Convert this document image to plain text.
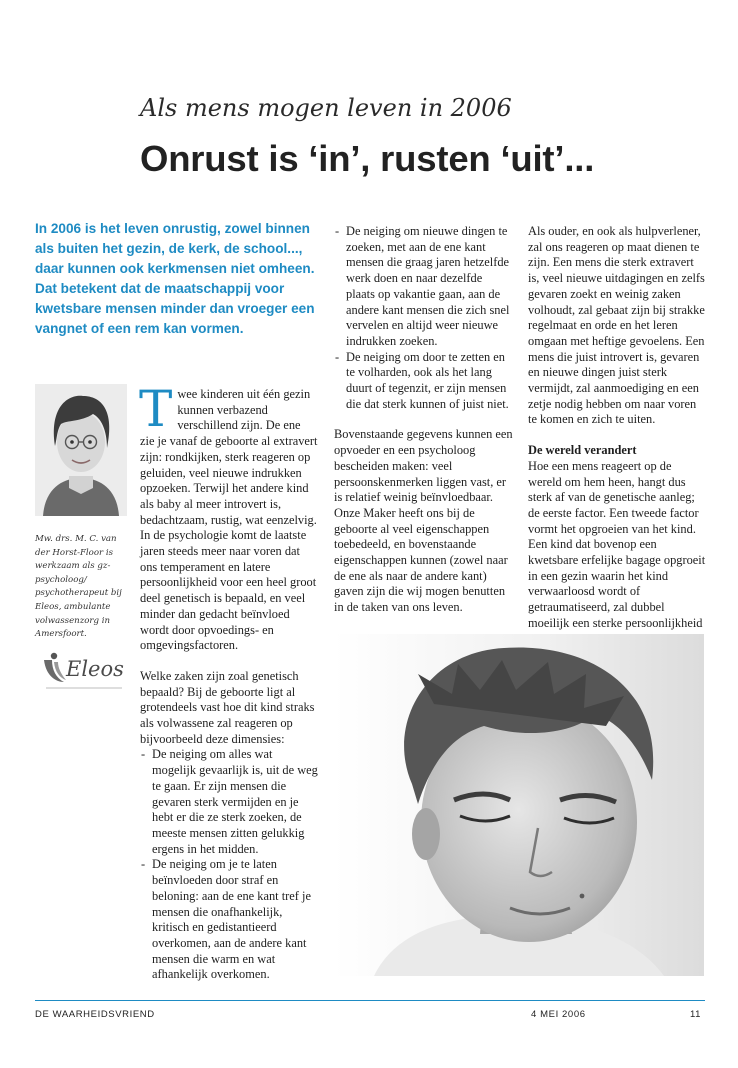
Als mens mogen leven in 2006
Onrust is ‘in’, rusten ‘uit’...
In 2006 is het leven onrustig, zowel binnen als buiten het gezin, de kerk, de school..., daar kunnen ook kerkmensen niet omheen. Dat betekent dat de maatschappij voor kwetsbare mensen minder dan vroeger een vangnet of een rem kan vormen.
Mw. drs. M. C. van der Horst-Floor is werkzaam als gz-psycholoog/ psychotherapeut bij Eleos, ambulante volwassenzorg in Amersfoort.
Eleos

Twee kinderen uit één gezin kunnen verbazend verschillend zijn. De ene zie je vanaf de geboorte al extravert zijn: rondkijken, sterk reageren op geluiden, veel nieuwe indrukken opzoeken. Terwijl het andere kind als baby al meer introvert is, bedachtzaam, rustig, wat eenzelvig. In de psychologie komt de laatste jaren steeds meer naar voren dat ons temperament en latere persoonlijkheid voor een heel groot deel genetisch is bepaald, en veel minder dan gedacht beïnvloed wordt door opvoedings- en omgevingsfactoren.

Welke zaken zijn zoal genetisch bepaald? Bij de geboorte ligt al grotendeels vast hoe dit kind straks als volwassene zal reageren op bijvoorbeeld deze dimensies:

- De neiging om alles wat mogelijk gevaarlijk is, uit de weg te gaan. Er zijn mensen die gevaren sterk vermijden en je hebt er die ze sterk zoeken, de meeste mensen zitten gelukkig ergens in het midden.
- De neiging om je te laten beïnvloeden door straf en beloning: aan de ene kant tref je mensen die onafhankelijk, kritisch en gedistantieerd overkomen, aan de andere kant mensen die warm en wat afhankelijk overkomen.
- De neiging om nieuwe dingen te zoeken, met aan de ene kant mensen die graag jaren hetzelfde werk doen en naar dezelfde plaats op vakantie gaan, aan de andere kant mensen die zich snel vervelen en altijd weer nieuwe indrukken zoeken.
- De neiging om door te zetten en te volharden, ook als het lang duurt of tegenzit, er zijn mensen die dat sterk kunnen of juist niet.

Bovenstaande gegevens kunnen een opvoeder en een psycholoog bescheiden maken: veel persoonskenmerken liggen vast, er is relatief weinig beïnvloedbaar. Onze Maker heeft ons bij de geboorte al veel eigenschappen toebedeeld, en bovenstaande eigenschappen kunnen (zowel naar de ene als naar de andere kant) gaven zijn die wij mogen benutten in de taken van ons leven.

Als ouder, en ook als hulpverlener, zal ons reageren op maat dienen te zijn. Een mens die sterk extravert is, veel nieuwe uitdagingen en zelfs gevaren zoekt en weinig zaken volhoudt, zal gebaat zijn bij strakke regelmaat en orde en het leren omgaan met heftige gevoelens. Een mens die juist introvert is, gevaren en nieuwe dingen juist sterk vermijdt, zal aanmoediging en een zetje nodig hebben om naar voren te komen en zich te uiten.

De wereld verandert

Hoe een mens reageert op de wereld om hem heen, hangt dus sterk af van de genetische aanleg; de eerste factor. Een tweede factor vormt het opgroeien van het kind. Een kind dat bovenop een kwetsbare erfelijke bagage opgroeit in een gezin waarin het kind verwaarloosd wordt of getraumatiseerd, zal dubbel moeilijk een sterke persoonlijkheid

DE WAARHEIDSVRIEND	4 MEI 2006	11
